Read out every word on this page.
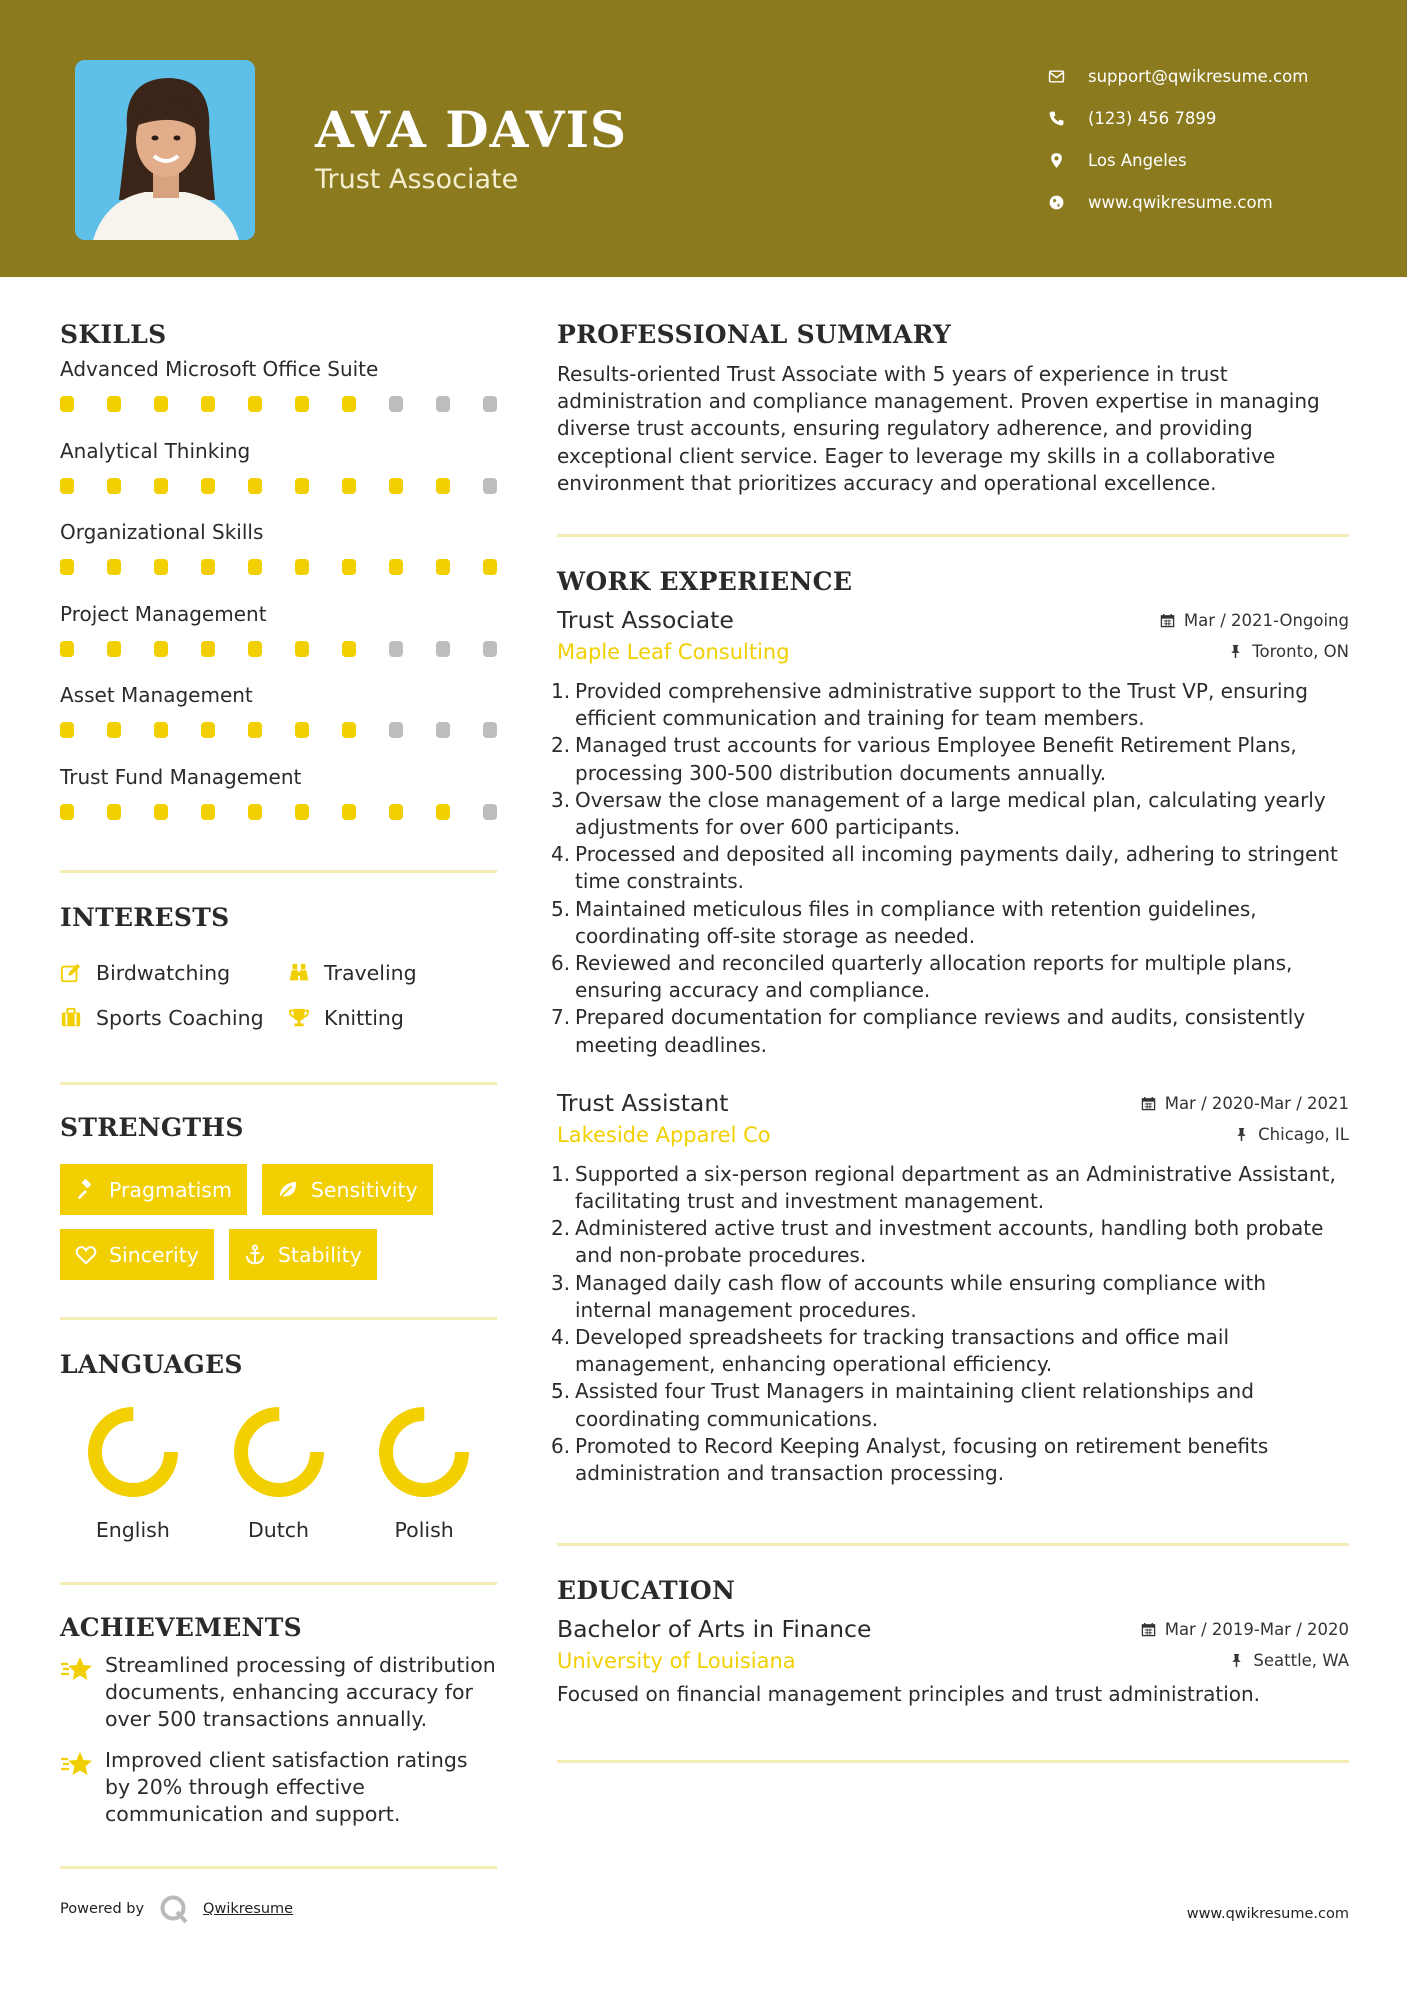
AVA DAVIS
Trust Associate
support@qwikresume.com
(123) 456 7899
Los Angeles
www.qwikresume.com
SKILLS
Advanced Microsoft Office Suite
Analytical Thinking
Organizational Skills
Project Management
Asset Management
Trust Fund Management
INTERESTS
Birdwatching	Traveling
Sports Coaching	Knitting
STRENGTHS
Pragmatism	Sensitivity
Sincerity	Stability
LANGUAGES
English	Dutch	Polish
ACHIEVEMENTS
Streamlined processing of distribution documents, enhancing accuracy for over 500 transactions annually.
Improved client satisfaction ratings by 20% through effective communication and support.
PROFESSIONAL SUMMARY
Results-oriented Trust Associate with 5 years of experience in trust administration and compliance management. Proven expertise in managing diverse trust accounts, ensuring regulatory adherence, and providing exceptional client service. Eager to leverage my skills in a collaborative environment that prioritizes accuracy and operational excellence.
WORK EXPERIENCE
Trust Associate	Mar / 2021-Ongoing
Maple Leaf Consulting	Toronto, ON
1. Provided comprehensive administrative support to the Trust VP, ensuring efficient communication and training for team members.
2. Managed trust accounts for various Employee Benefit Retirement Plans, processing 300-500 distribution documents annually.
3. Oversaw the close management of a large medical plan, calculating yearly adjustments for over 600 participants.
4. Processed and deposited all incoming payments daily, adhering to stringent time constraints.
5. Maintained meticulous files in compliance with retention guidelines, coordinating off-site storage as needed.
6. Reviewed and reconciled quarterly allocation reports for multiple plans, ensuring accuracy and compliance.
7. Prepared documentation for compliance reviews and audits, consistently meeting deadlines.
Trust Assistant	Mar / 2020-Mar / 2021
Lakeside Apparel Co	Chicago, IL
1. Supported a six-person regional department as an Administrative Assistant, facilitating trust and investment management.
2. Administered active trust and investment accounts, handling both probate and non-probate procedures.
3. Managed daily cash flow of accounts while ensuring compliance with internal management procedures.
4. Developed spreadsheets for tracking transactions and office mail management, enhancing operational efficiency.
5. Assisted four Trust Managers in maintaining client relationships and coordinating communications.
6. Promoted to Record Keeping Analyst, focusing on retirement benefits administration and transaction processing.
EDUCATION
Bachelor of Arts in Finance	Mar / 2019-Mar / 2020
University of Louisiana	Seattle, WA
Focused on financial management principles and trust administration.
Powered by	Qwikresume	www.qwikresume.com
